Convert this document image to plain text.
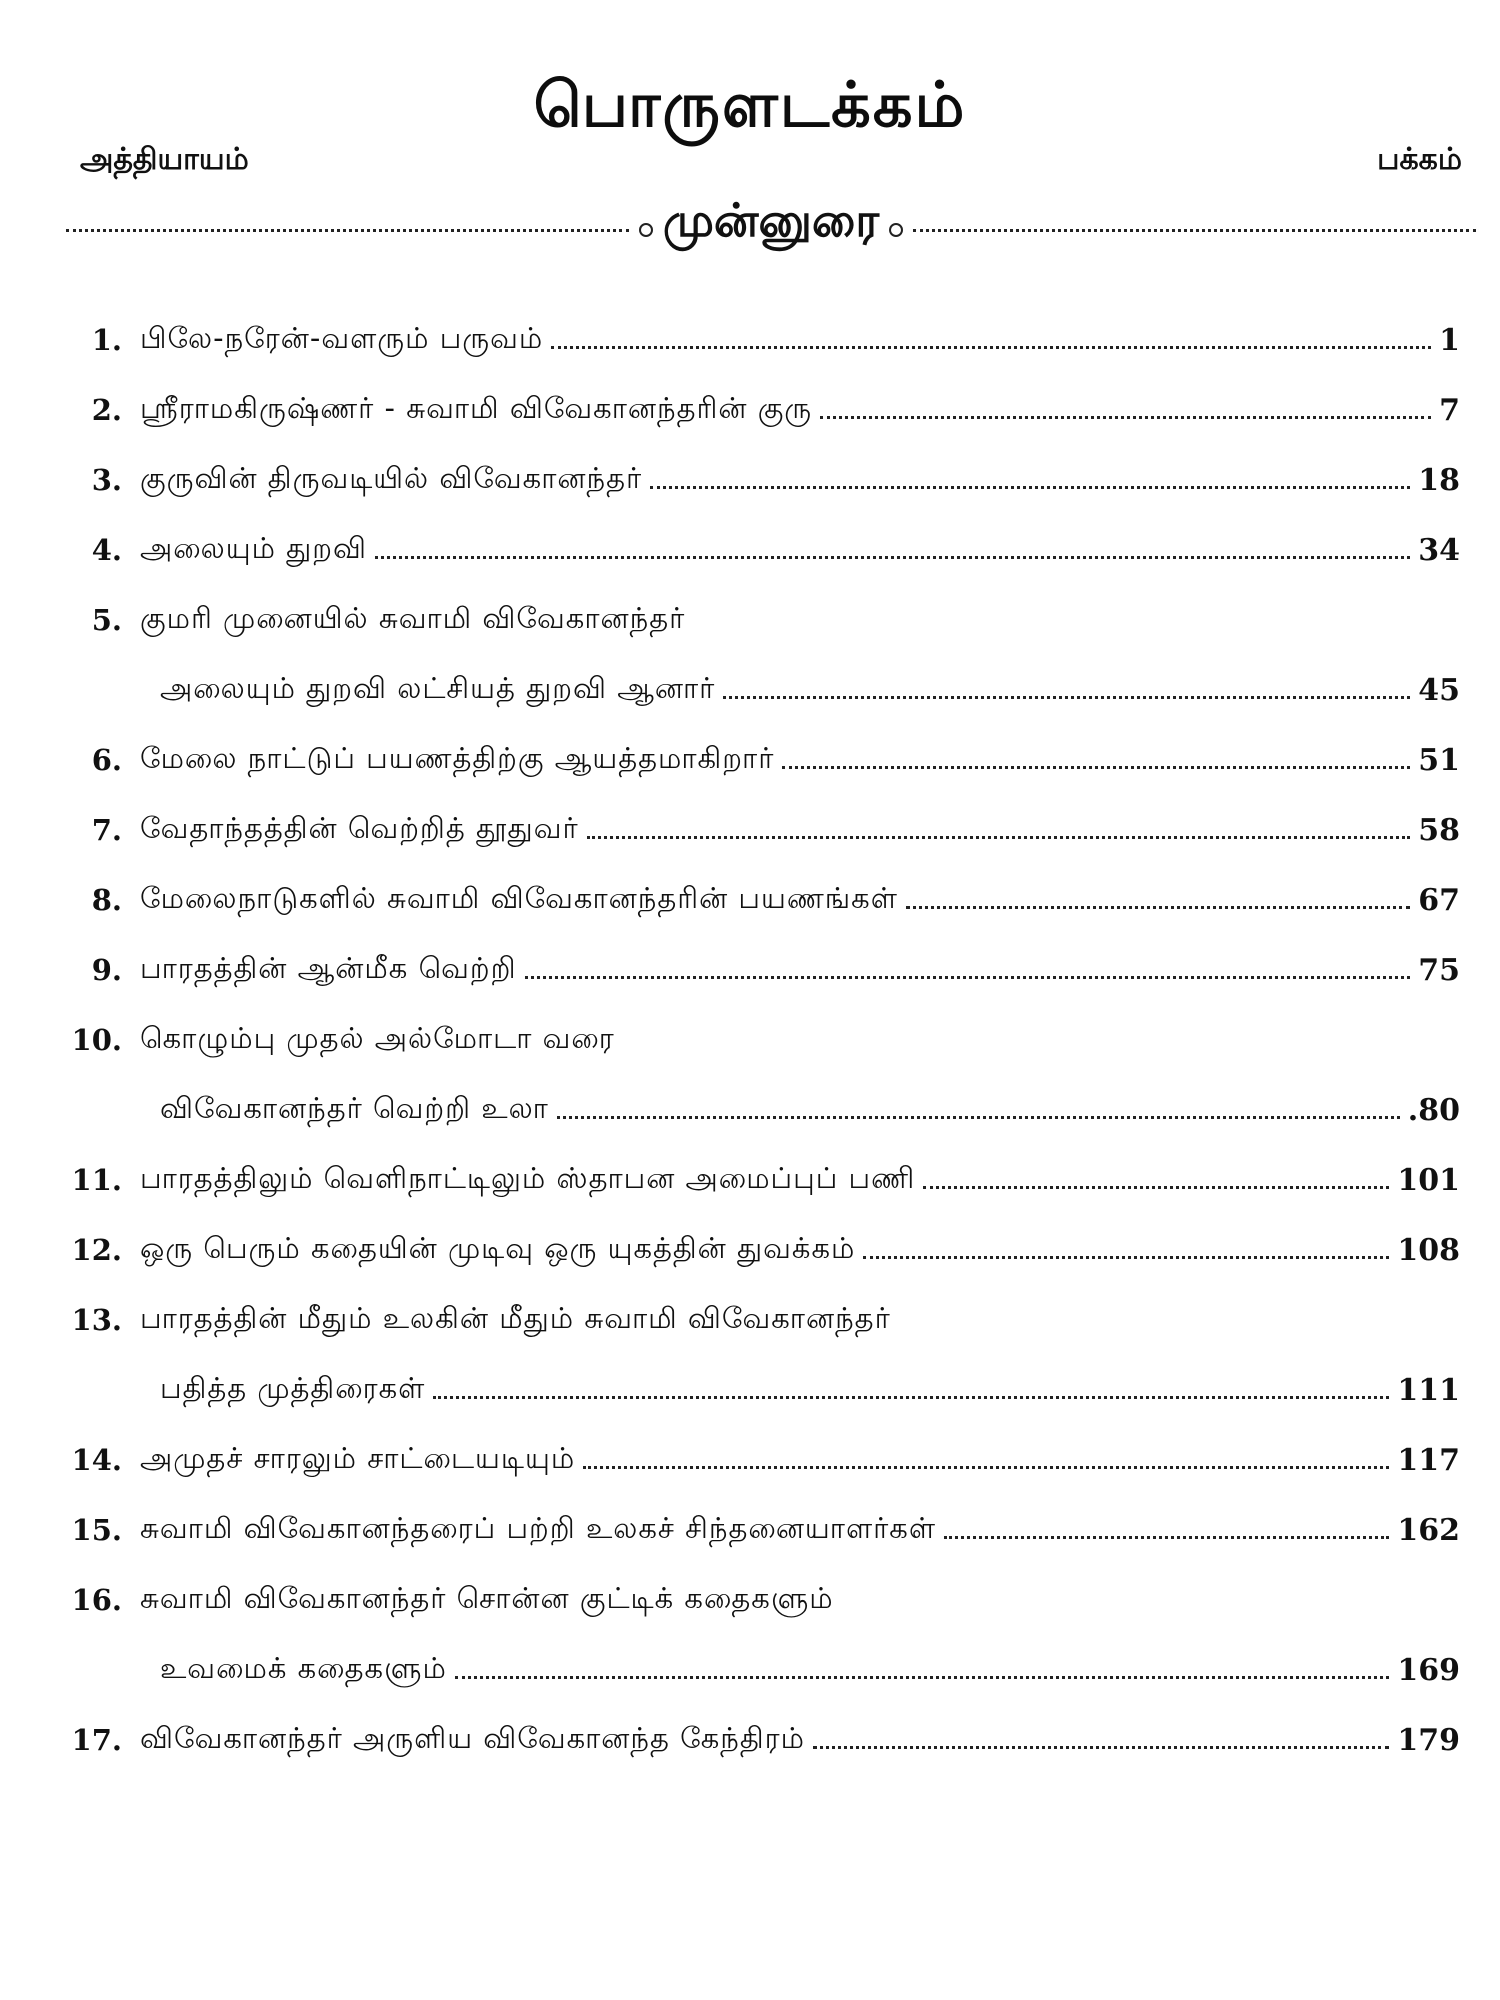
பொருளடக்கம்
அத்தியாயம்	பக்கம்
முன்னுரை
1. பிலே-நரேன்-வளரும் பருவம்	1
2. ஸ்ரீராமகிருஷ்ணர் - சுவாமி விவேகானந்தரின் குரு	7
3. குருவின் திருவடியில் விவேகானந்தர்	18
4. அலையும் துறவி	34
5. குமரி முனையில் சுவாமி விவேகானந்தர்
அலையும் துறவி லட்சியத் துறவி ஆனார்	45
6. மேலை நாட்டுப் பயணத்திற்கு ஆயத்தமாகிறார்	51
7. வேதாந்தத்தின் வெற்றித் தூதுவர்	58
8. மேலைநாடுகளில் சுவாமி விவேகானந்தரின் பயணங்கள்	67
9. பாரதத்தின் ஆன்மீக வெற்றி	75
10. கொழும்பு முதல் அல்மோடா வரை
விவேகானந்தர் வெற்றி உலா	.80
11. பாரதத்திலும் வெளிநாட்டிலும் ஸ்தாபன அமைப்புப் பணி	101
12. ஒரு பெரும் கதையின் முடிவு ஒரு யுகத்தின் துவக்கம்	108
13. பாரதத்தின் மீதும் உலகின் மீதும் சுவாமி விவேகானந்தர்
பதித்த முத்திரைகள்	111
14. அமுதச் சாரலும் சாட்டையடியும்	117
15. சுவாமி விவேகானந்தரைப் பற்றி உலகச் சிந்தனையாளர்கள்	162
16. சுவாமி விவேகானந்தர் சொன்ன குட்டிக் கதைகளும்
உவமைக் கதைகளும்	169
17. விவேகானந்தர் அருளிய விவேகானந்த கேந்திரம்	179
